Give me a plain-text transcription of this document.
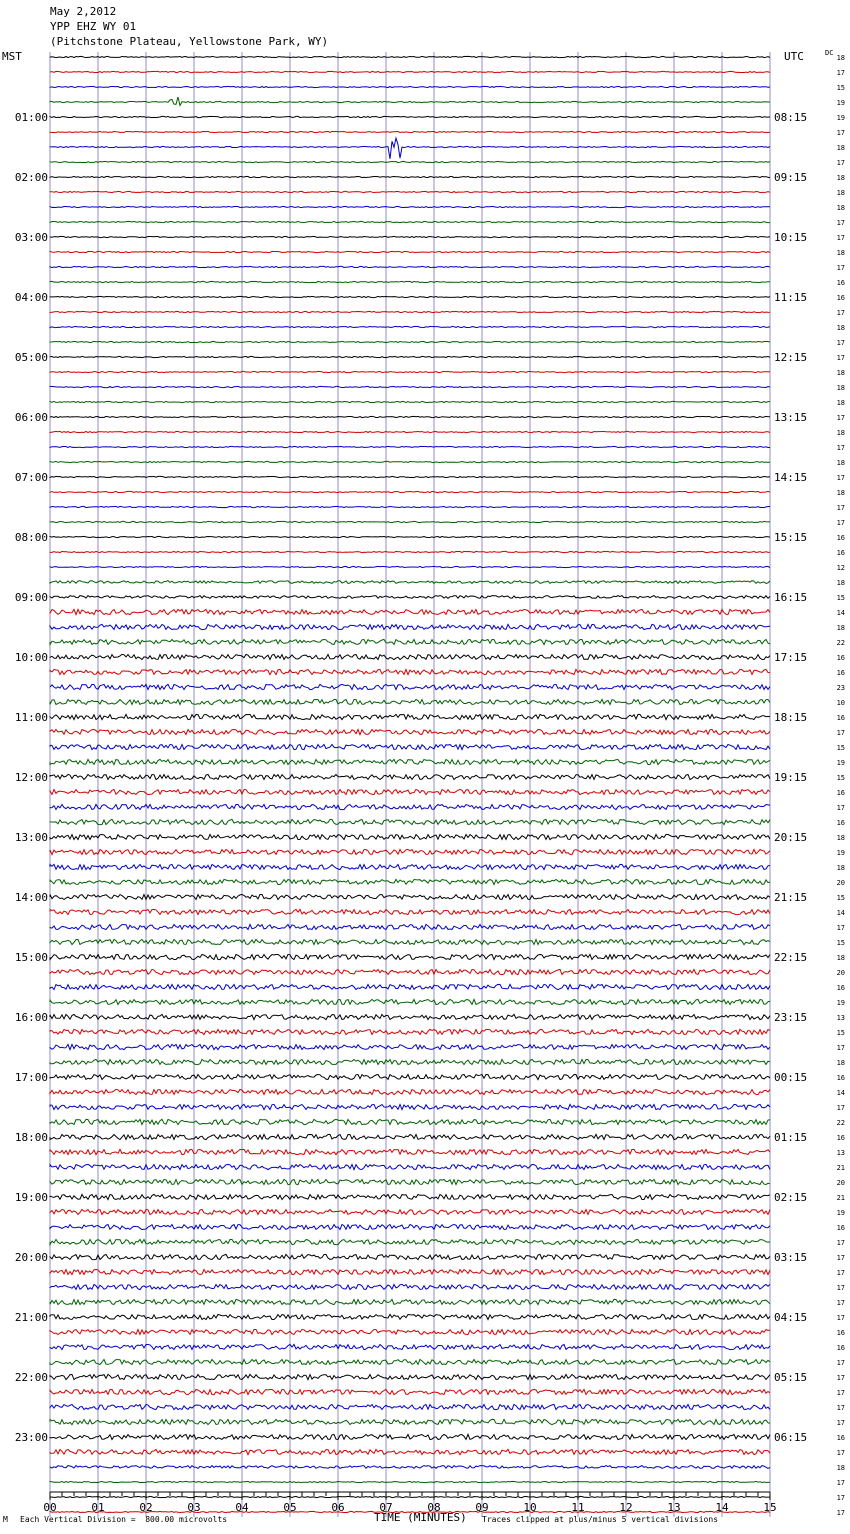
00	01	02	03	04	05	06	07	08	09	10	11	12	13	14	15
01:00
02:00
03:00
04:00
05:00
06:00
07:00
08:00
09:00
10:00
11:00
12:00
13:00
14:00
15:00
16:00
17:00
18:00
19:00
20:00
21:00
22:00
23:00
08:15
09:15
10:15
11:15
12:15
13:15
14:15
15:15
16:15
17:15
18:15
19:15
20:15
21:15
22:15
23:15
00:15
01:15
02:15
03:15
04:15
05:15
06:15
18
17
15
19
19
17
18
17
18
18
18
17
17
18
17
16
16
17
18
17
17
18
18
18
17
18
17
18
17
18
17
17
16
16
12
18
15
14
18
22
16
16
23
10
16
17
15
19
15
16
17
16
18
19
18
20
15
14
17
15
18
20
16
19
13
15
17
18
16
14
17
22
16
13
21
20
21
19
16
17
17
17
17
17
17
16
16
17
17
17
17
17
16
17
18
17
17
17
May 2,2012
YPP EHZ WY 01
(Pitchstone Plateau, Yellowstone Park, WY)
MST	UTC	DC
M Each Vertical Division =  800.00 microvolts	TIME (MINUTES) Traces clipped at plus/minus 5 vertical divisions
